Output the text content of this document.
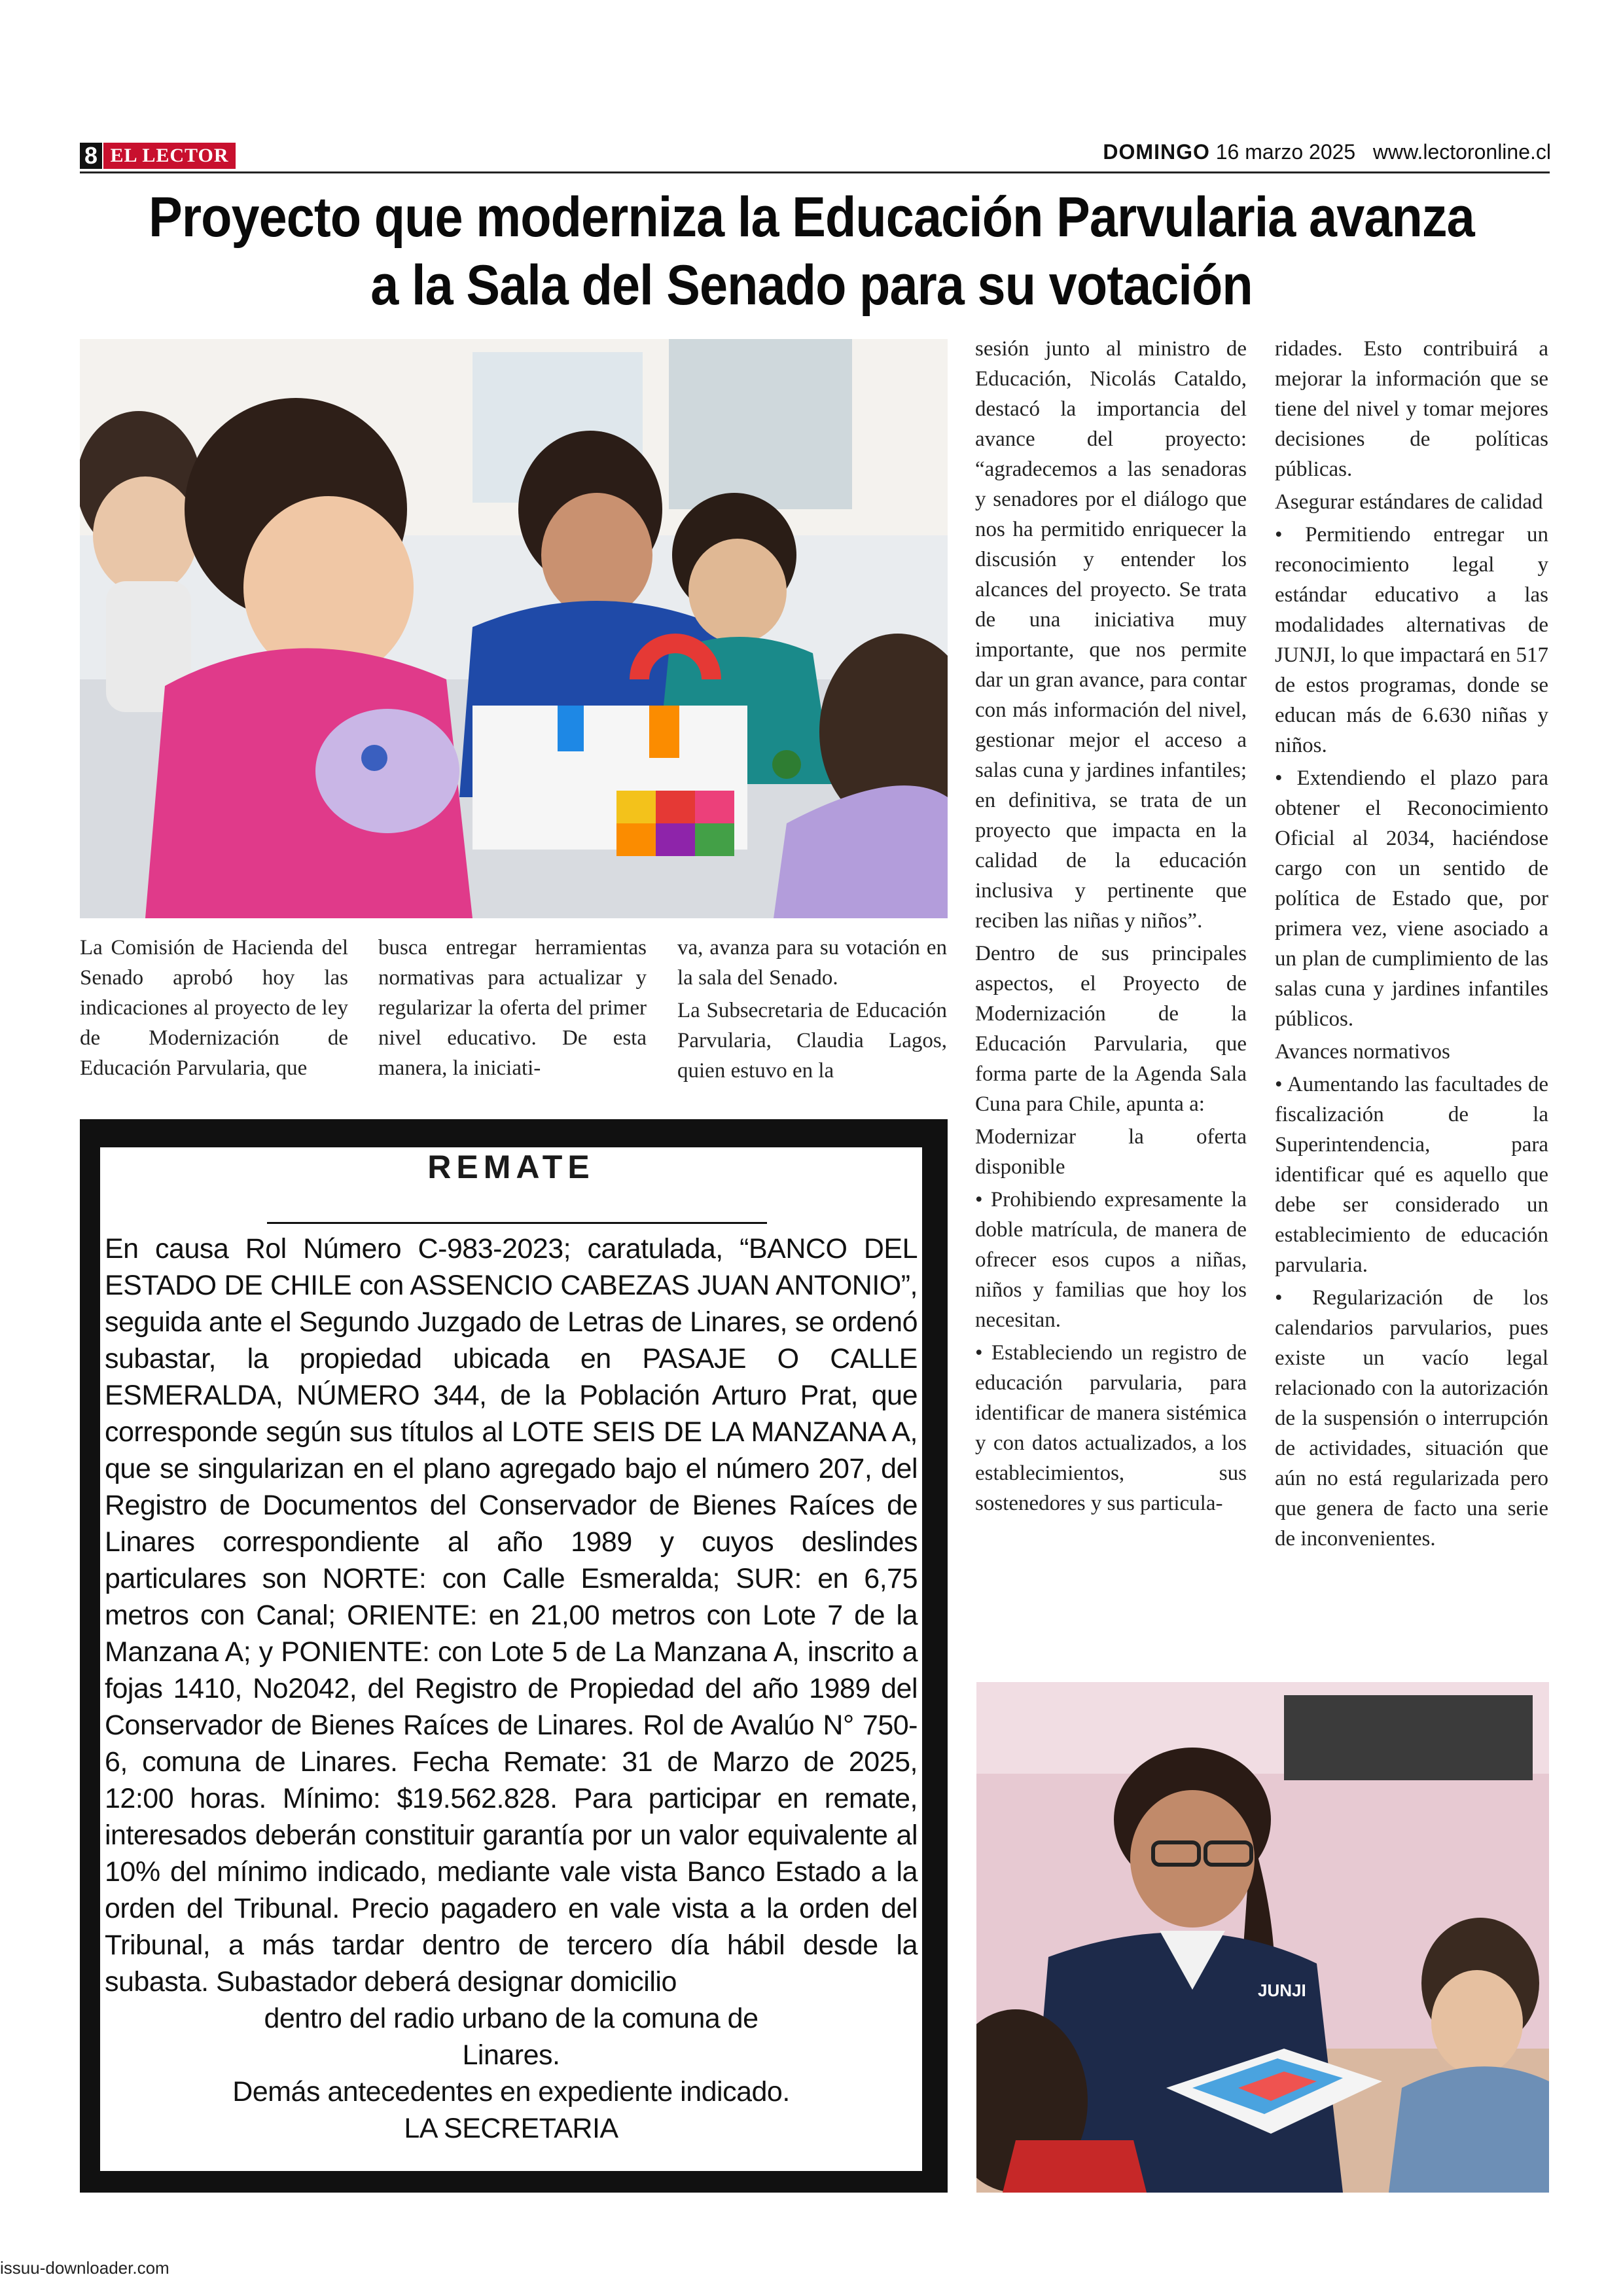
8 EL LECTOR	DOMINGO 16 marzo 2025 www.lectoronline.cl
Proyecto que moderniza la Educación Parvularia avanza a la Sala del Senado para su votación

La Comisión de Hacienda del Senado aprobó hoy las indicaciones al proyecto de ley de Modernización de Educación Parvularia, que

busca entregar herramientas normativas para actualizar y regularizar la oferta del primer nivel educativo. De esta manera, la iniciati-

va, avanza para su votación en la sala del Senado.

La Subsecretaria de Educación Parvularia, Claudia Lagos, quien estuvo en la

sesión junto al ministro de Educación, Nicolás Cataldo, destacó la importancia del avance del proyecto: “agradecemos a las senadoras y senadores por el diálogo que nos ha permitido enriquecer la discusión y entender los alcances del proyecto. Se trata de una iniciativa muy importante, que nos permite dar un gran avance, para contar con más información del nivel, gestionar mejor el acceso a salas cuna y jardines infantiles; en definitiva, se trata de un proyecto que impacta en la calidad de la educación inclusiva y pertinente que reciben las niñas y niños”.

Dentro de sus principales aspectos, el Proyecto de Modernización de la Educación Parvularia, que forma parte de la Agenda Sala Cuna para Chile, apunta a:

Modernizar la oferta disponible

• Prohibiendo expresamente la doble matrícula, de manera de ofrecer esos cupos a niñas, niños y familias que hoy los necesitan.

• Estableciendo un registro de educación parvularia, para identificar de manera sistémica y con datos actualizados, a los establecimientos, sus sostenedores y sus particula-

ridades. Esto contribuirá a mejorar la información que se tiene del nivel y tomar mejores decisiones de políticas públicas.

Asegurar estándares de calidad

• Permitiendo entregar un reconocimiento legal y estándar educativo a las modalidades alternativas de JUNJI, lo que impactará en 517 de estos programas, donde se educan más de 6.630 niñas y niños.

• Extendiendo el plazo para obtener el Reconocimiento Oficial al 2034, haciéndose cargo con un sentido de política de Estado que, por primera vez, viene asociado a un plan de cumplimiento de las salas cuna y jardines infantiles públicos.

Avances normativos

• Aumentando las facultades de fiscalización de la Superintendencia, para identificar qué es aquello que debe ser considerado un establecimiento de educación parvularia.

• Regularización de los calendarios parvularios, pues existe un vacío legal relacionado con la autorización de la suspensión o interrupción de actividades, situación que aún no está regularizada pero que genera de facto una serie de inconvenientes.

JUNJI
REMATE
En causa Rol Número C-983-2023; caratulada, “BANCO DEL ESTADO DE CHILE con ASSENCIO CABEZAS JUAN ANTONIO”, seguida ante el Segundo Juzgado de Letras de Linares, se ordenó subastar, la propiedad ubicada en PASAJE O CALLE ESMERALDA, NÚMERO 344, de la Población Arturo Prat, que corresponde según sus títulos al LOTE SEIS DE LA MANZANA A, que se singularizan en el plano agregado bajo el número 207, del Registro de Documentos del Conservador de Bienes Raíces de Linares correspondiente al año 1989 y cuyos deslindes particulares son NORTE: con Calle Esmeralda; SUR: en 6,75 metros con Canal; ORIENTE: en 21,00 metros con Lote 7 de la Manzana A; y PONIENTE: con Lote 5 de La Manzana A, inscrito a fojas 1410, No2042, del Registro de Propiedad del año 1989 del Conservador de Bienes Raíces de Linares. Rol de Avalúo N° 750-6, comuna de Linares. Fecha Remate: 31 de Marzo de 2025, 12:00 horas. Mínimo: $19.562.828. Para participar en remate, interesados deberán constituir garantía por un valor equivalente al 10% del mínimo indicado, mediante vale vista Banco Estado a la orden del Tribunal. Precio pagadero en vale vista a la orden del Tribunal, a más tardar dentro de tercero día hábil desde la subasta. Subastador deberá designar domicilio
dentro del radio urbano de la comuna de
Linares.
Demás antecedentes en expediente indicado.
LA SECRETARIA
issuu-downloader.com
